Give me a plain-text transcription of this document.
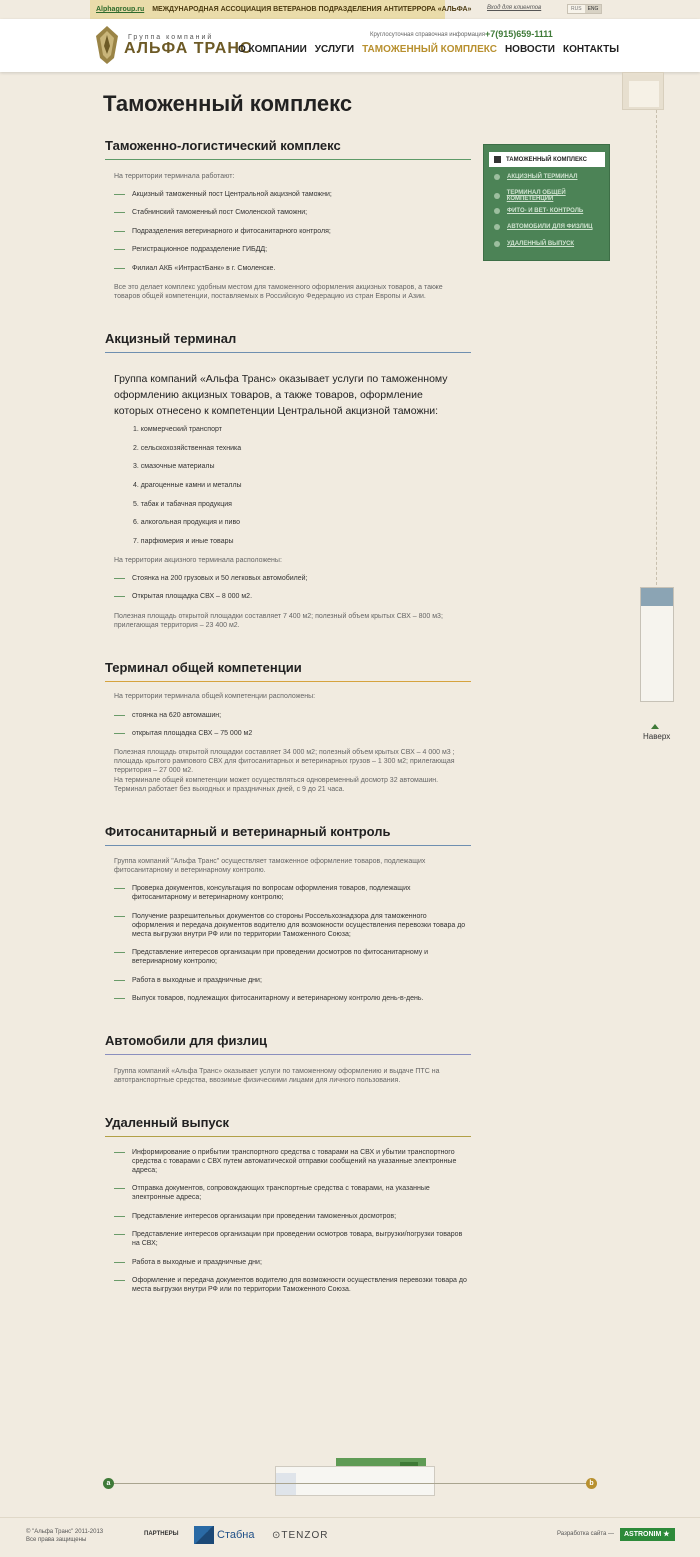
Alphagroup.ru МЕЖДУНАРОДНАЯ АССОЦИАЦИЯ ВЕТЕРАНОВ ПОДРАЗДЕЛЕНИЯ АНТИТЕРРОРА «АЛЬФА»	Вход для клиентов	RUS	ENG
Группа компаний
АЛЬФА ТРАНС
Круглосуточная справочная информация +7(915)659-1111
О КОМПАНИИ УСЛУГИ ТАМОЖЕННЫЙ КОМПЛЕКС НОВОСТИ КОНТАКТЫ
Наверх
Таможенный комплекс
ТАМОЖЕННЫЙ КОМПЛЕКС
АКЦИЗНЫЙ ТЕРМИНАЛ
ТЕРМИНАЛ ОБЩЕЙ КОМПЕТЕНЦИИ
ФИТО- И ВЕТ- КОНТРОЛЬ
АВТОМОБИЛИ ДЛЯ ФИЗЛИЦ
УДАЛЕННЫЙ ВЫПУСК
Таможенно-логистический комплекс
На территории терминала работают:
Акцизный таможенный пост Центральной акцизной таможни;
Стабнинский таможенный пост Смоленской таможни;
Подразделения ветеринарного и фитосанитарного контроля;
Регистрационное подразделение ГИБДД;
Филиал АКБ «ИнтрастБанк» в г. Смоленске.
Все это делает комплекс удобным местом для таможенного оформления акцизных товаров, а также товаров общей компетенции, поставляемых в Российскую Федерацию из стран Европы и Азии.
Акцизный терминал
Группа компаний «Альфа Транс» оказывает услуги по таможенному оформлению акцизных товаров, а также товаров, оформление которых отнесено к компетенции Центральной акцизной таможни:
1. коммерческий транспорт
2. сельскохозяйственная техника
3. смазочные материалы
4. драгоценные камни и металлы
5. табак и табачная продукция
6. алкогольная продукция и пиво
7. парфюмерия и иные товары
На территории акцизного терминала расположены:
Стоянка на 200 грузовых и 50 легковых автомобилей;
Открытая площадка СВХ – 8 000 м2.
Полезная площадь открытой площадки составляет 7 400 м2; полезный объем крытых СВХ – 800 м3; прилегающая территория – 23 400 м2.
Терминал общей компетенции
На территории терминала общей компетенции расположены:
стоянка на 620 автомашин;
открытая площадка СВХ – 75 000 м2
Полезная площадь открытой площадки составляет 34 000 м2; полезный объем крытых СВХ – 4 000 м3 ; площадь крытого рампового СВХ для фитосанитарных и ветеринарных грузов – 1 300 м2; прилегающая территория – 27 000 м2.
На терминале общей компетенции может осуществляться одновременный досмотр 32 автомашин. Терминал работает без выходных и праздничных дней, с 9 до 21 часа.
Фитосанитарный и ветеринарный контроль
Группа компаний "Альфа Транс" осуществляет таможенное оформление товаров, подлежащих фитосанитарному и ветеринарному контролю.
Проверка документов, консультация по вопросам оформления товаров, подлежащих фитосанитарному и ветеринарному контролю;
Получение разрешительных документов со стороны Россельхознадзора для таможенного оформления и передача документов водителю для возможности осуществления перевозки товара до места выгрузки внутри РФ или по территории Таможенного Союза;
Представление интересов организации при проведении досмотров по фитосанитарному и ветеринарному контролю;
Работа в выходные и праздничные дни;
Выпуск товаров, подлежащих фитосанитарному и ветеринарному контролю день-в-день.
Автомобили для физлиц
Группа компаний «Альфа Транс» оказывает услуги по таможенному оформлению и выдаче ПТС на автотранспортные средства, ввозимые физическими лицами для личного пользования.
Удаленный выпуск
Информирование о прибытии транспортного средства с товарами на СВХ и убытии транспортного средства с товарами с СВХ путем автоматической отправки сообщений на указанные электронные адреса;
Отправка документов, сопровождающих транспортные средства с товарами, на указанные электронные адреса;
Представление интересов организации при проведении таможенных досмотров;
Представление интересов организации при проведении осмотров товара, выгрузки/погрузки товаров на СВХ;
Работа в выходные и праздничные дни;
Оформление и передача документов водителю для возможности осуществления перевозки товара до места выгрузки внутри РФ или по территории Таможенного Союза.
a	b
© "Альфа Транс" 2011-2013
Все права защищены
ПАРТНЕРЫ	Стабна ⊙TENZOR	Разработка сайта —	ASTRONIM ★
